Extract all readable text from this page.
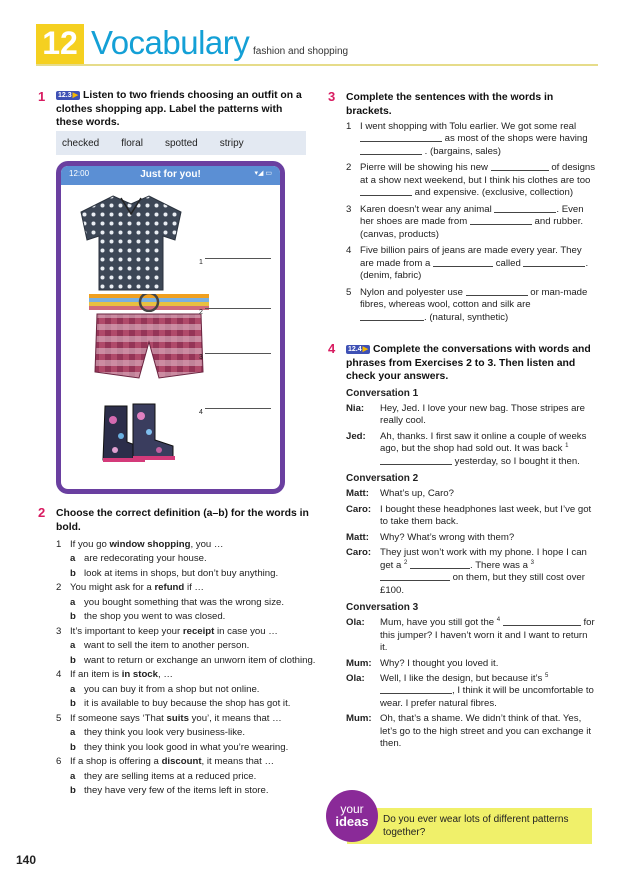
12 Vocabulary fashion and shopping
1 12.3 ▶ Listen to two friends choosing an outfit on a clothes shopping app. Label the patterns with these words.
checked floral spotted stripy
12:00	Just for you!	▾◢ ▭
1
2
3
4
2 Choose the correct definition (a–b) for the words in bold.
1 If you go window shopping, you …
a are redecorating your house.
b look at items in shops, but don’t buy anything.
2 You might ask for a refund if …
a you bought something that was the wrong size.
b the shop you went to was closed.
3 It’s important to keep your receipt in case you …
a want to sell the item to another person.
b want to return or exchange an unworn item of clothing.
4 If an item is in stock, …
a you can buy it from a shop but not online.
b it is available to buy because the shop has got it.
5 If someone says ‘That suits you’, it means that …
a they think you look very business-like.
b they think you look good in what you’re wearing.
6 If a shop is offering a discount, it means that …
a they are selling items at a reduced price.
b they have very few of the items left in store.
3 Complete the sentences with the words in brackets.
1 I went shopping with Tolu earlier. We got some real  as most of the shops were having  . (bargains, sales)
2 Pierre will be showing his new	of designs at a show next weekend, but I think his clothes are too  and expensive. (exclusive, collection)
3 Karen doesn’t wear any animal	. Even her shoes are made from	and rubber. (canvas, products)
4 Five billion pairs of jeans are made every year. They are made from a	called	. (denim, fabric)
5 Nylon and polyester use	or man-made fibres, whereas wool, cotton and silk are . (natural, synthetic)
4 12.4 ▶ Complete the conversations with words and phrases from Exercises 2 to 3. Then listen and check your answers.
Conversation 1
Nia:	Hey, Jed. I love your new bag. Those stripes are really cool.
Jed:	Ah, thanks. I first saw it online a couple of weeks ago, but the shop had sold out. It was back $^1$  yesterday, so I bought it then.
Conversation 2
Matt:	What’s up, Caro?
Caro: I bought these headphones last week, but I’ve got to take them back.
Matt:	Why? What’s wrong with them?
Caro: They just won’t work with my phone. I hope I can get a $^2$	. There was a $^3$  on them, but they still cost over £100.
Conversation 3
Ola:	Mum, have you still got the $^4$	for this jumper? I haven’t worn it and I want to return it.
Mum: Why? I thought you loved it.
Ola:	Well, I like the design, but because it’s $^5$ , I think it will be uncomfortable to wear. I prefer natural fibres.
Mum: Oh, that’s a shame. We didn’t think of that. Yes, let’s go to the high street and you can exchange it then.
Do you ever wear lots of different patterns together?
your
ideas
140
